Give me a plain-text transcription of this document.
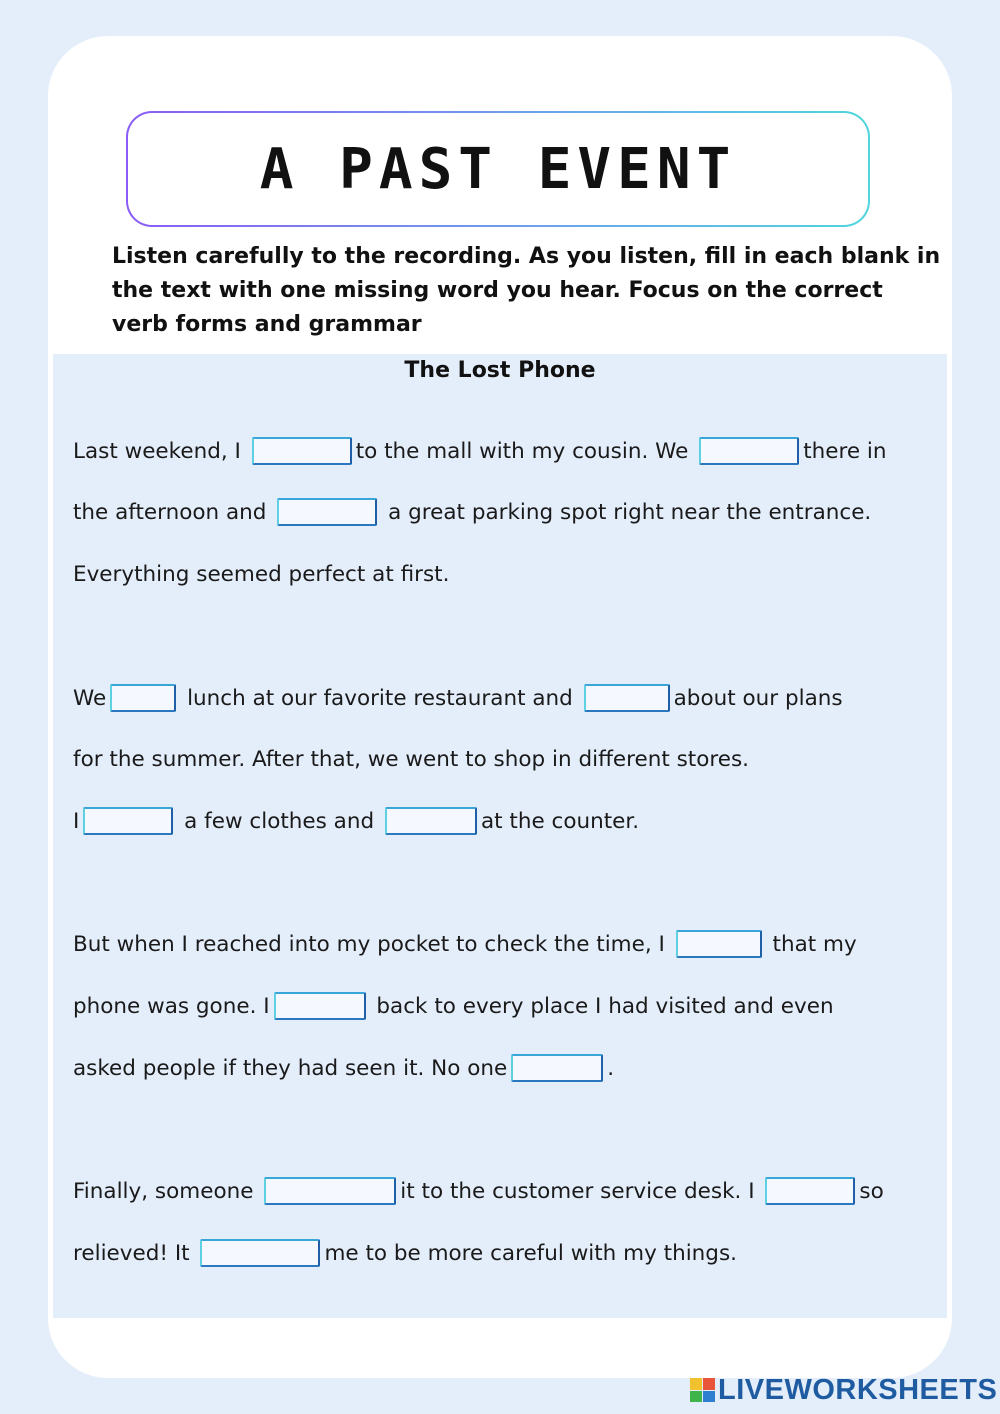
A PAST EVENT
Listen carefully to the recording. As you listen, fill in each blank in the text with one missing word you hear. Focus on the correct verb forms and grammar
The Lost Phone
Last weekend, I	to the mall with my cousin. We	there in
the afternoon and	a great parking spot right near the entrance.
Everything seemed perfect at first.
We	lunch at our favorite restaurant and	about our plans
for the summer. After that, we went to shop in different stores.
I	a few clothes and	at the counter.
But when I reached into my pocket to check the time, I	that my
phone was gone. I	back to every place I had visited and even
asked people if they had seen it. No one	.
Finally, someone	it to the customer service desk. I	so
relieved! It	me to be more careful with my things.
LIVEWORKSHEETS
